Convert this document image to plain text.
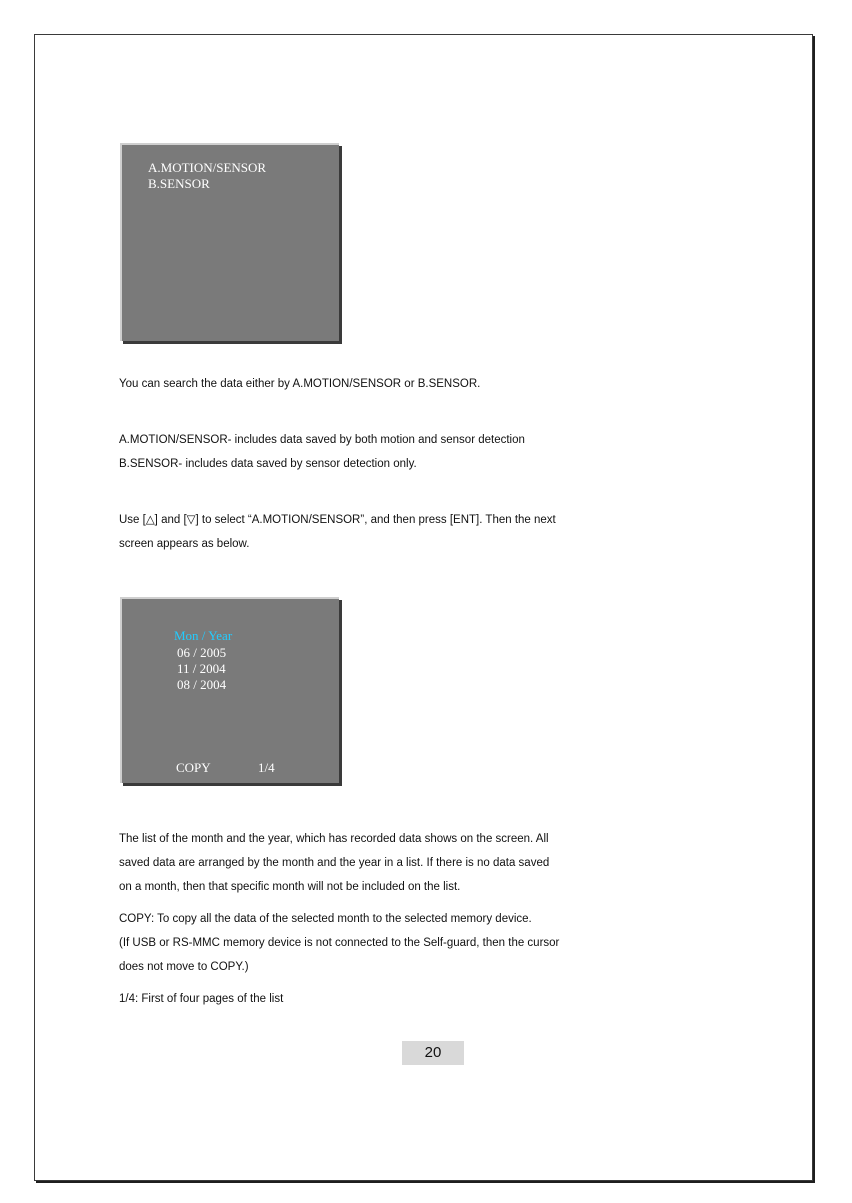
A.MOTION/SENSOR
B.SENSOR

You can search the data either by A.MOTION/SENSOR or B.SENSOR.

A.MOTION/SENSOR- includes data saved by both motion and sensor detection
B.SENSOR- includes data saved by sensor detection only.

Use [△] and [▽] to select “A.MOTION/SENSOR”, and then press [ENT]. Then the next
screen appears as below.

Mon / Year
06 / 2005
11 / 2004
08 / 2004
COPY	1/4

The list of the month and the year, which has recorded data shows on the screen. All
saved data are arranged by the month and the year in a list. If there is no data saved
on a month, then that specific month will not be included on the list.

COPY: To copy all the data of the selected month to the selected memory device.
(If USB or RS-MMC memory device is not connected to the Self-guard, then the cursor
does not move to COPY.)

1/4: First of four pages of the list

20
